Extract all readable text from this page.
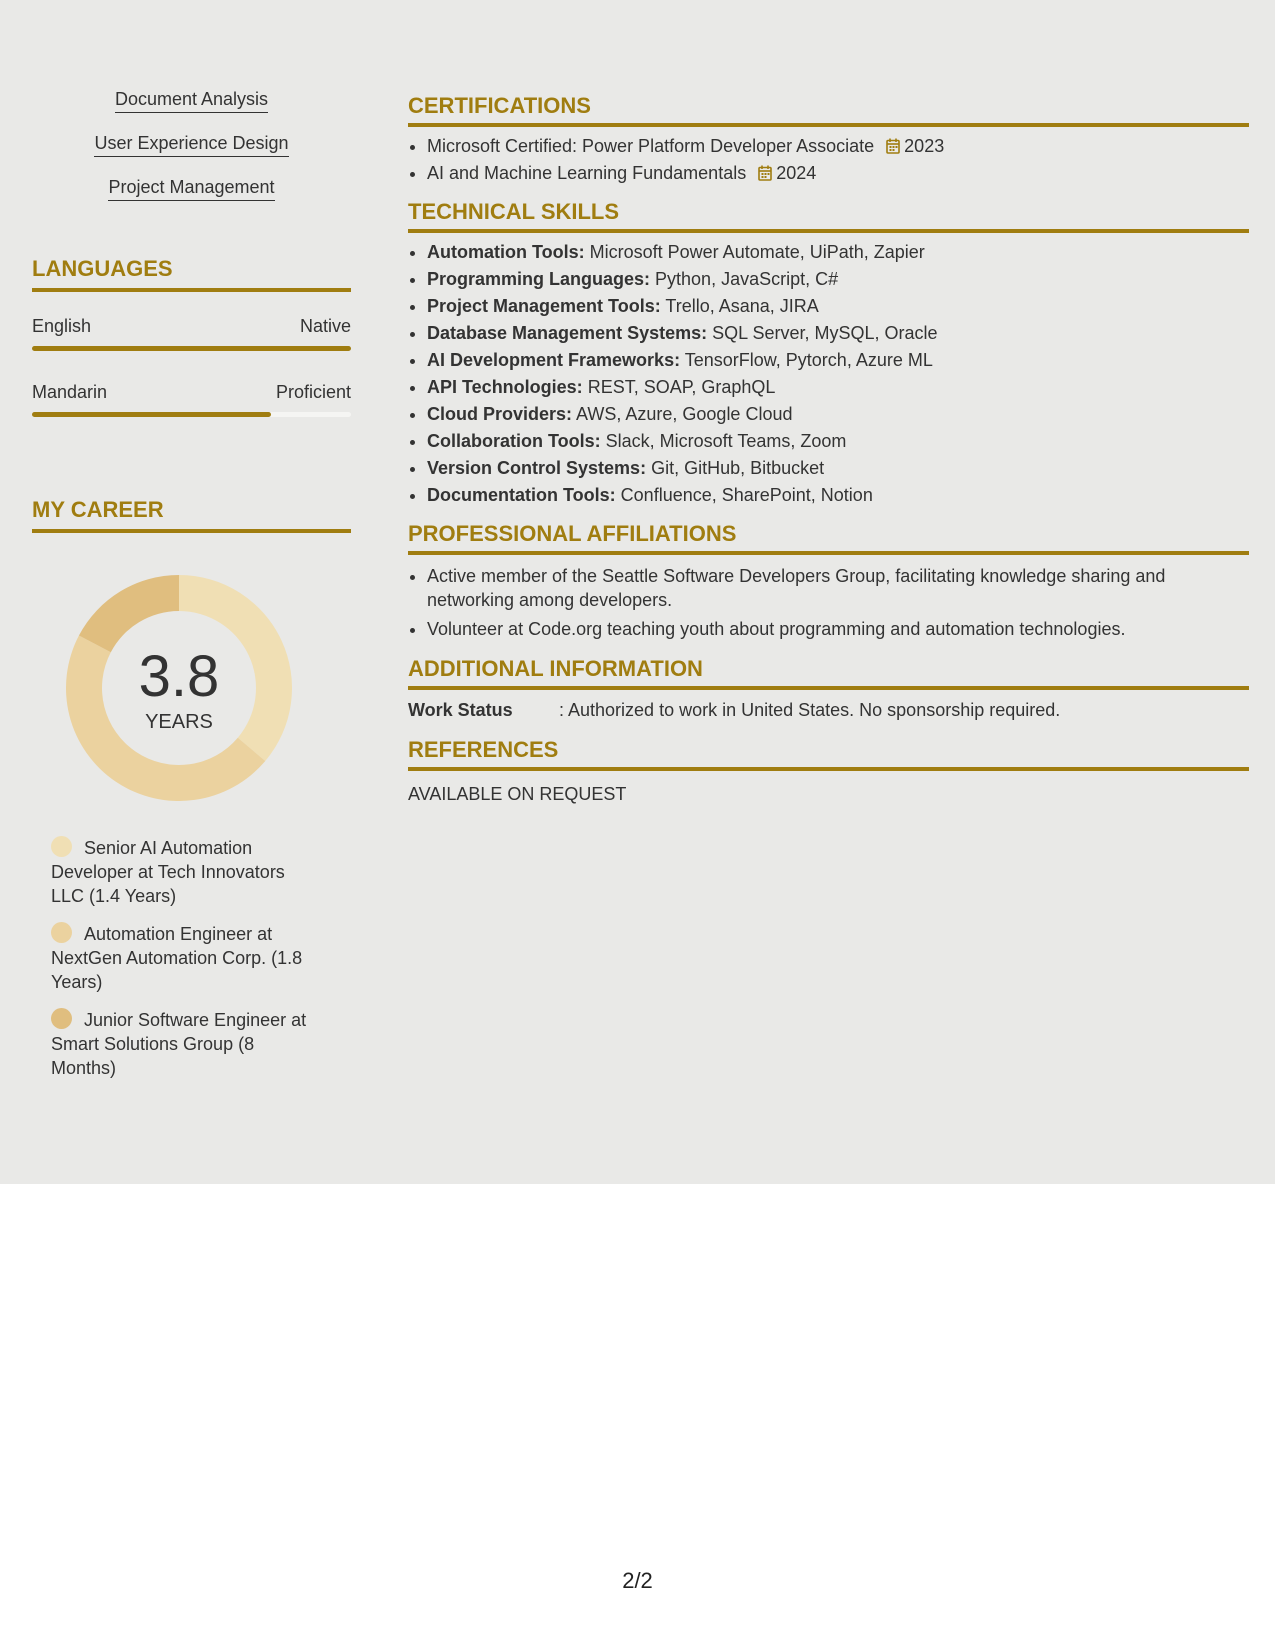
Document Analysis
User Experience Design
Project Management
LANGUAGES
English	Native
Mandarin	Proficient
MY CAREER
3.8
YEARS
Senior AI Automation Developer at Tech Innovators LLC (1.4 Years)
Automation Engineer at NextGen Automation Corp. (1.8 Years)
Junior Software Engineer at Smart Solutions Group (8 Months)
CERTIFICATIONS
• Microsoft Certified: Power Platform Developer Associate 2023
• AI and Machine Learning Fundamentals 2024
TECHNICAL SKILLS
• Automation Tools: Microsoft Power Automate, UiPath, Zapier
• Programming Languages: Python, JavaScript, C#
• Project Management Tools: Trello, Asana, JIRA
• Database Management Systems: SQL Server, MySQL, Oracle
• AI Development Frameworks: TensorFlow, Pytorch, Azure ML
• API Technologies: REST, SOAP, GraphQL
• Cloud Providers: AWS, Azure, Google Cloud
• Collaboration Tools: Slack, Microsoft Teams, Zoom
• Version Control Systems: Git, GitHub, Bitbucket
• Documentation Tools: Confluence, SharePoint, Notion
PROFESSIONAL AFFILIATIONS
• Active member of the Seattle Software Developers Group, facilitating knowledge sharing and networking among developers.
• Volunteer at Code.org teaching youth about programming and automation technologies.
ADDITIONAL INFORMATION
Work Status	: Authorized to work in United States. No sponsorship required.
REFERENCES
AVAILABLE ON REQUEST
2/2
